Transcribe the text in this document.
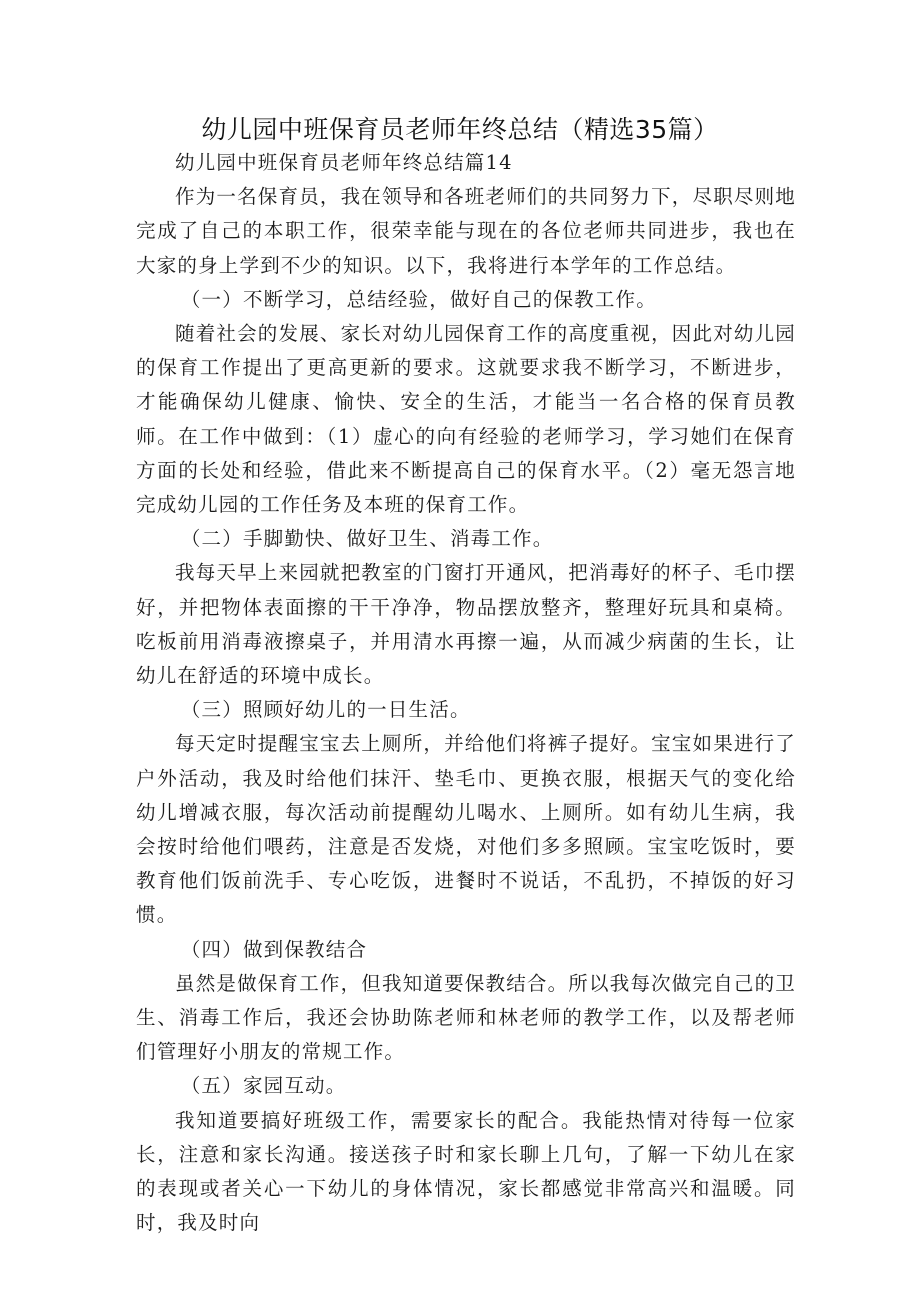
幼儿园中班保育员老师年终总结（精选35篇）

幼儿园中班保育员老师年终总结篇14

作为一名保育员，我在领导和各班老师们的共同努力下，尽职尽则地完成了自己的本职工作，很荣幸能与现在的各位老师共同进步，我也在大家的身上学到不少的知识。以下，我将进行本学年的工作总结。

（一）不断学习，总结经验，做好自己的保教工作。

随着社会的发展、家长对幼儿园保育工作的高度重视，因此对幼儿园的保育工作提出了更高更新的要求。这就要求我不断学习，不断进步，才能确保幼儿健康、愉快、安全的生活，才能当一名合格的保育员教师。在工作中做到：（1）虚心的向有经验的老师学习，学习她们在保育方面的长处和经验，借此来不断提高自己的保育水平。（2）毫无怨言地完成幼儿园的工作任务及本班的保育工作。

（二）手脚勤快、做好卫生、消毒工作。

我每天早上来园就把教室的门窗打开通风，把消毒好的杯子、毛巾摆好，并把物体表面擦的干干净净，物品摆放整齐，整理好玩具和桌椅。吃板前用消毒液擦桌子，并用清水再擦一遍，从而减少病菌的生长，让幼儿在舒适的环境中成长。

（三）照顾好幼儿的一日生活。

每天定时提醒宝宝去上厕所，并给他们将裤子提好。宝宝如果进行了户外活动，我及时给他们抹汗、垫毛巾、更换衣服，根据天气的变化给幼儿增减衣服，每次活动前提醒幼儿喝水、上厕所。如有幼儿生病，我会按时给他们喂药，注意是否发烧，对他们多多照顾。宝宝吃饭时，要教育他们饭前洗手、专心吃饭，进餐时不说话，不乱扔，不掉饭的好习惯。

（四）做到保教结合

虽然是做保育工作，但我知道要保教结合。所以我每次做完自己的卫生、消毒工作后，我还会协助陈老师和林老师的教学工作，以及帮老师们管理好小朋友的常规工作。

（五）家园互动。

我知道要搞好班级工作，需要家长的配合。我能热情对待每一位家长，注意和家长沟通。接送孩子时和家长聊上几句，了解一下幼儿在家的表现或者关心一下幼儿的身体情况，家长都感觉非常高兴和温暖。同时，我及时向
